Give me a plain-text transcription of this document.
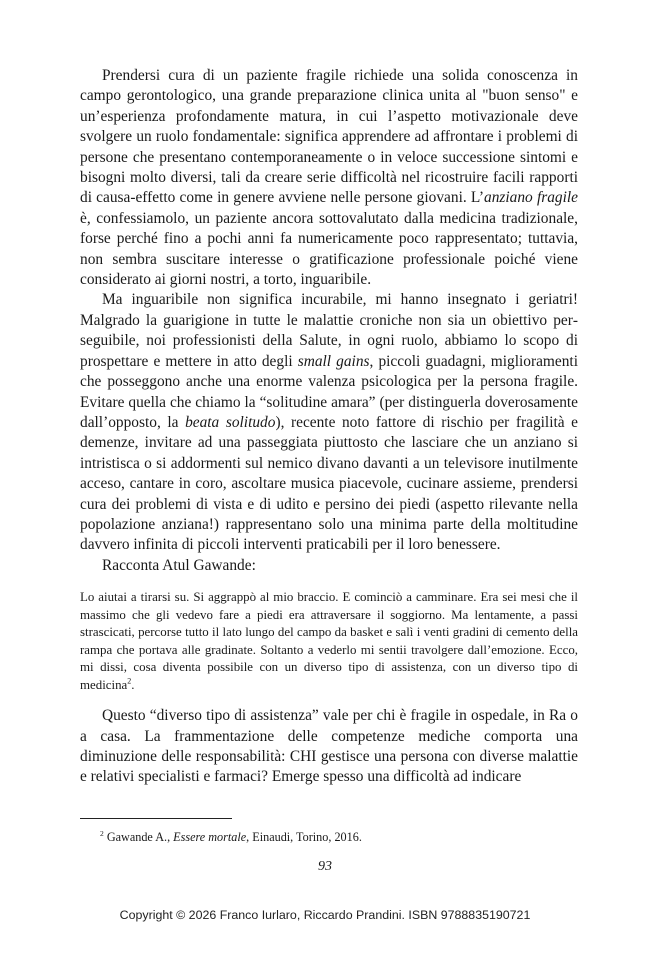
Prendersi cura di un paziente fragile richiede una solida conoscenza in campo gerontologico, una grande preparazione clinica unita al "buon senso" e un’esperienza profondamente matura, in cui l’aspetto motivazionale deve svolgere un ruolo fondamentale: significa apprendere ad affrontare i problemi di persone che presentano contemporaneamente o in veloce successione sintomi e bisogni molto diversi, tali da creare serie difficoltà nel ricostruire facili rapporti di causa-effetto come in genere avviene nelle persone giovani. L’anziano fragile è, confessiamolo, un paziente ancora sottovalutato dalla medicina tradizionale, forse perché fino a pochi anni fa numericamente poco rappresentato; tuttavia, non sembra suscitare interesse o gratificazione professionale poiché viene considerato ai giorni nostri, a torto, inguaribile.

Ma inguaribile non significa incurabile, mi hanno insegnato i geriatri! Malgrado la guarigione in tutte le malattie croniche non sia un obiettivo perseguibile, noi professionisti della Salute, in ogni ruolo, abbiamo lo scopo di prospettare e mettere in atto degli small gains, piccoli guadagni, miglioramenti che posseggono anche una enorme valenza psicologica per la persona fragile. Evitare quella che chiamo la “solitudine amara” (per distinguerla doverosamente dall’opposto, la beata solitudo), recente noto fattore di rischio per fragilità e demenze, invitare ad una passeggiata piuttosto che lasciare che un anziano si intristisca o si addormenti sul nemico divano davanti a un televisore inutilmente acceso, cantare in coro, ascoltare musica piacevole, cucinare assieme, prendersi cura dei problemi di vista e di udito e persino dei piedi (aspetto rilevante nella popolazione anziana!) rappresentano solo una minima parte della moltitudine davvero infinita di piccoli interventi praticabili per il loro benessere.

Racconta Atul Gawande:

Lo aiutai a tirarsi su. Si aggrappò al mio braccio. E cominciò a camminare. Era sei mesi che il massimo che gli vedevo fare a piedi era attraversare il soggiorno. Ma lentamente, a passi strascicati, percorse tutto il lato lungo del campo da basket e salì i venti gradini di cemento della rampa che portava alle gradinate. Soltanto a vederlo mi sentii travolgere dall’emozione. Ecco, mi dissi, cosa diventa possibile con un diverso tipo di assistenza, con un diverso tipo di medicina$^2$.

Questo “diverso tipo di assistenza” vale per chi è fragile in ospedale, in Ra o a casa. La frammentazione delle competenze mediche comporta una diminuzione delle responsabilità: CHI gestisce una persona con diverse malattie e relativi specialisti e farmaci? Emerge spesso una difficoltà ad indicare

$^2$ Gawande A., Essere mortale, Einaudi, Torino, 2016.
93
Copyright © 2026 Franco Iurlaro, Riccardo Prandini. ISBN 9788835190721
